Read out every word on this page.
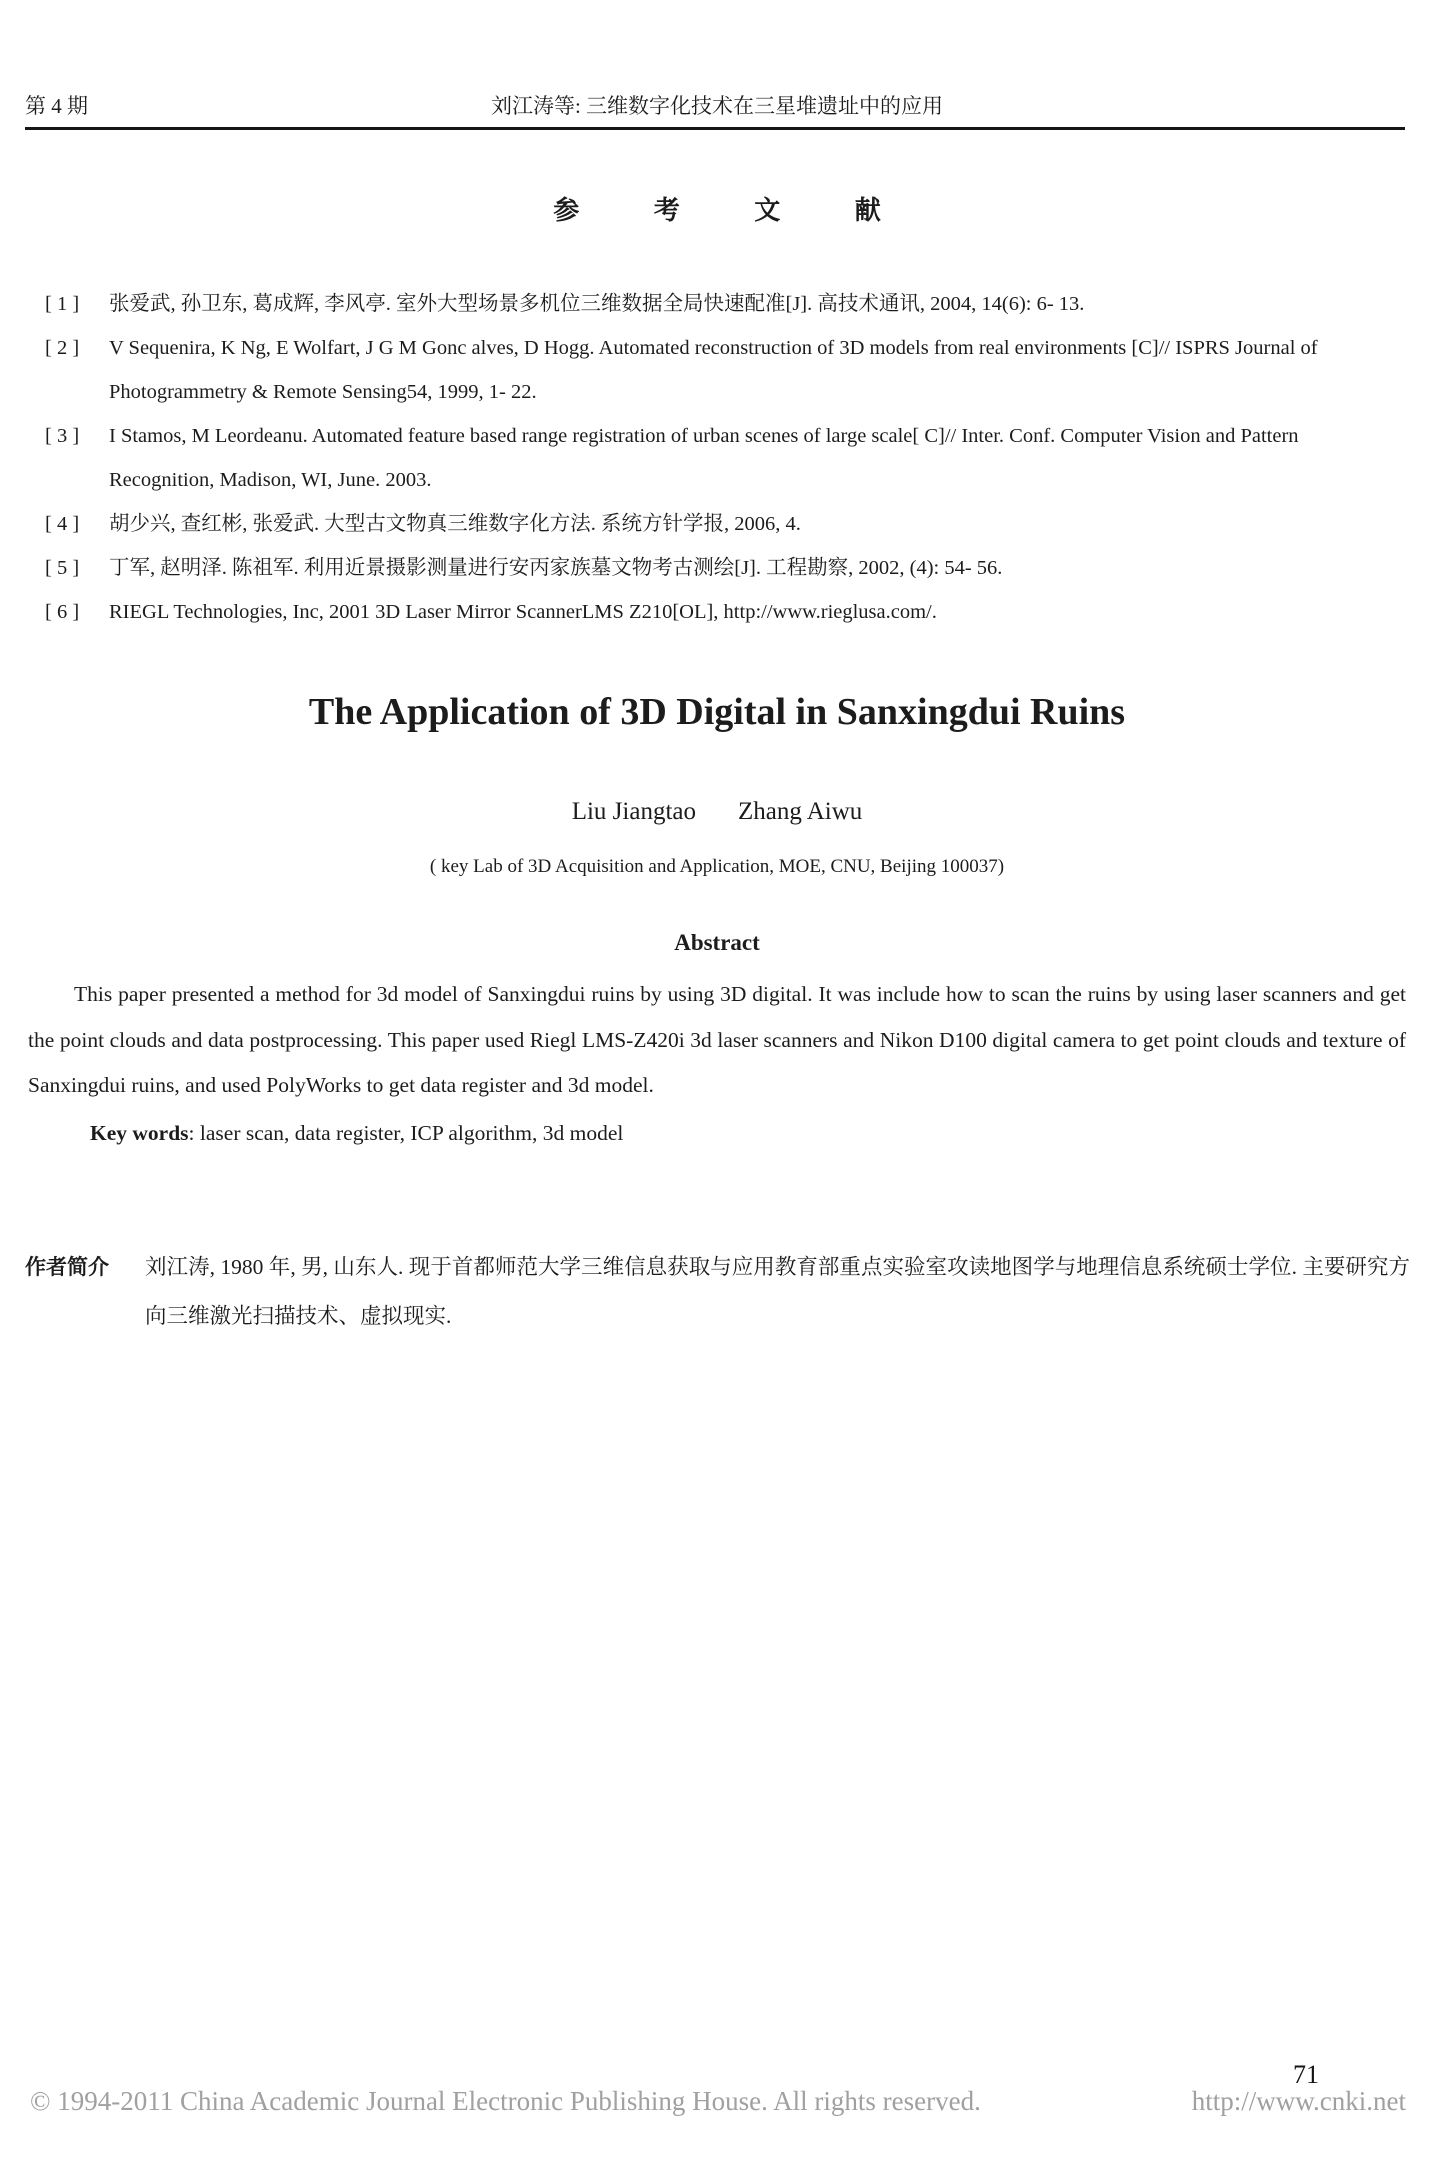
第 4 期	刘江涛等: 三维数字化技术在三星堆遗址中的应用
参 考 文 献
[ 1 ]	张爱武, 孙卫东, 葛成辉, 李风亭. 室外大型场景多机位三维数据全局快速配准[J]. 高技术通讯, 2004, 14(6): 6- 13.
[ 2 ]	V Sequenira, K Ng, E Wolfart, J G M Gonc alves, D Hogg. Automated reconstruction of 3D models from real environments [C]// ISPRS Journal of Photogrammetry & Remote Sensing54, 1999, 1- 22.
[ 3 ]	I Stamos, M Leordeanu. Automated feature based range registration of urban scenes of large scale[ C]// Inter. Conf. Computer Vision and Pattern Recognition, Madison, WI, June. 2003.
[ 4 ]	胡少兴, 查红彬, 张爱武. 大型古文物真三维数字化方法. 系统方针学报, 2006, 4.
[ 5 ]	丁军, 赵明泽. 陈祖军. 利用近景摄影测量进行安丙家族墓文物考古测绘[J]. 工程勘察, 2002, (4): 54- 56.
[ 6 ]	RIEGL Technologies, Inc, 2001 3D Laser Mirror ScannerLMS Z210[OL], http://www.rieglusa.com/.
The Application of 3D Digital in Sanxingdui Ruins
Liu Jiangtao Zhang Aiwu
( key Lab of 3D Acquisition and Application, MOE, CNU, Beijing 100037)
Abstract

This paper presented a method for 3d model of Sanxingdui ruins by using 3D digital. It was include how to scan the ruins by using laser scanners and get the point clouds and data postprocessing. This paper used Riegl LMS-Z420i 3d laser scanners and Nikon D100 digital camera to get point clouds and texture of Sanxingdui ruins, and used PolyWorks to get data register and 3d model.

Key words: laser scan, data register, ICP algorithm, 3d model

作者简介	刘江涛, 1980 年, 男, 山东人. 现于首都师范大学三维信息获取与应用教育部重点实验室攻读地图学与地理信息系统硕士学位. 主要研究方向三维激光扫描技术、虚拟现实.
71
© 1994-2011 China Academic Journal Electronic Publishing House. All rights reserved.	http://www.cnki.net
